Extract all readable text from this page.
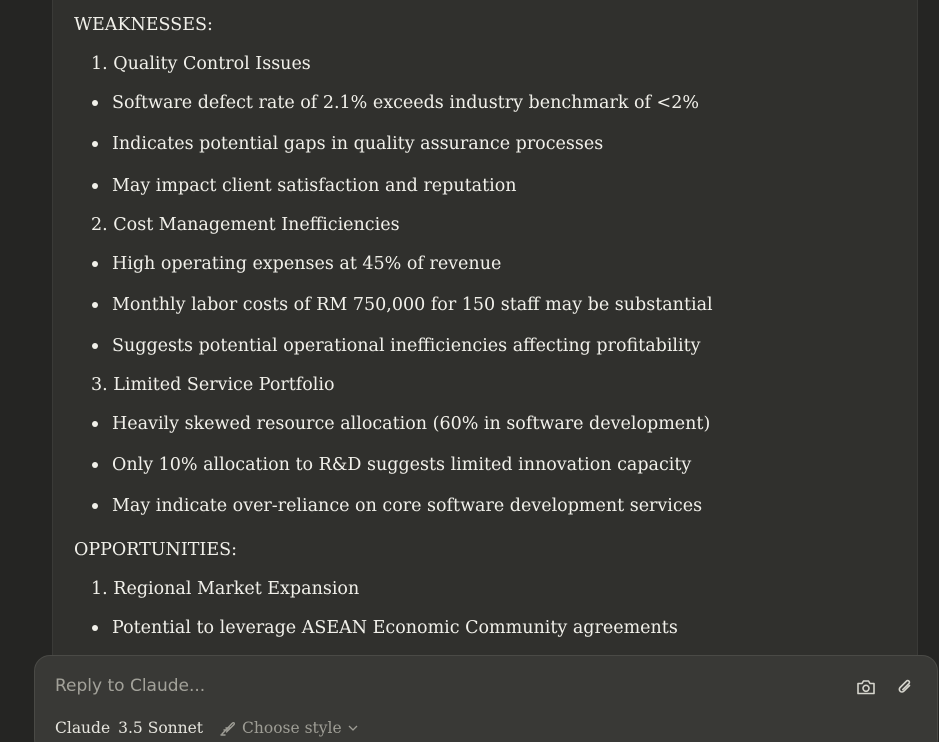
WEAKNESSES:
1. Quality Control Issues
Software defect rate of 2.1% exceeds industry benchmark of <2%
Indicates potential gaps in quality assurance processes
May impact client satisfaction and reputation
2. Cost Management Inefficiencies
High operating expenses at 45% of revenue
Monthly labor costs of RM 750,000 for 150 staff may be substantial
Suggests potential operational inefficiencies affecting profitability
3. Limited Service Portfolio
Heavily skewed resource allocation (60% in software development)
Only 10% allocation to R&D suggests limited innovation capacity
May indicate over-reliance on core software development services
OPPORTUNITIES:
1. Regional Market Expansion
Potential to leverage ASEAN Economic Community agreements
Reply to Claude...
Claude 3.5 Sonnet	Choose style
